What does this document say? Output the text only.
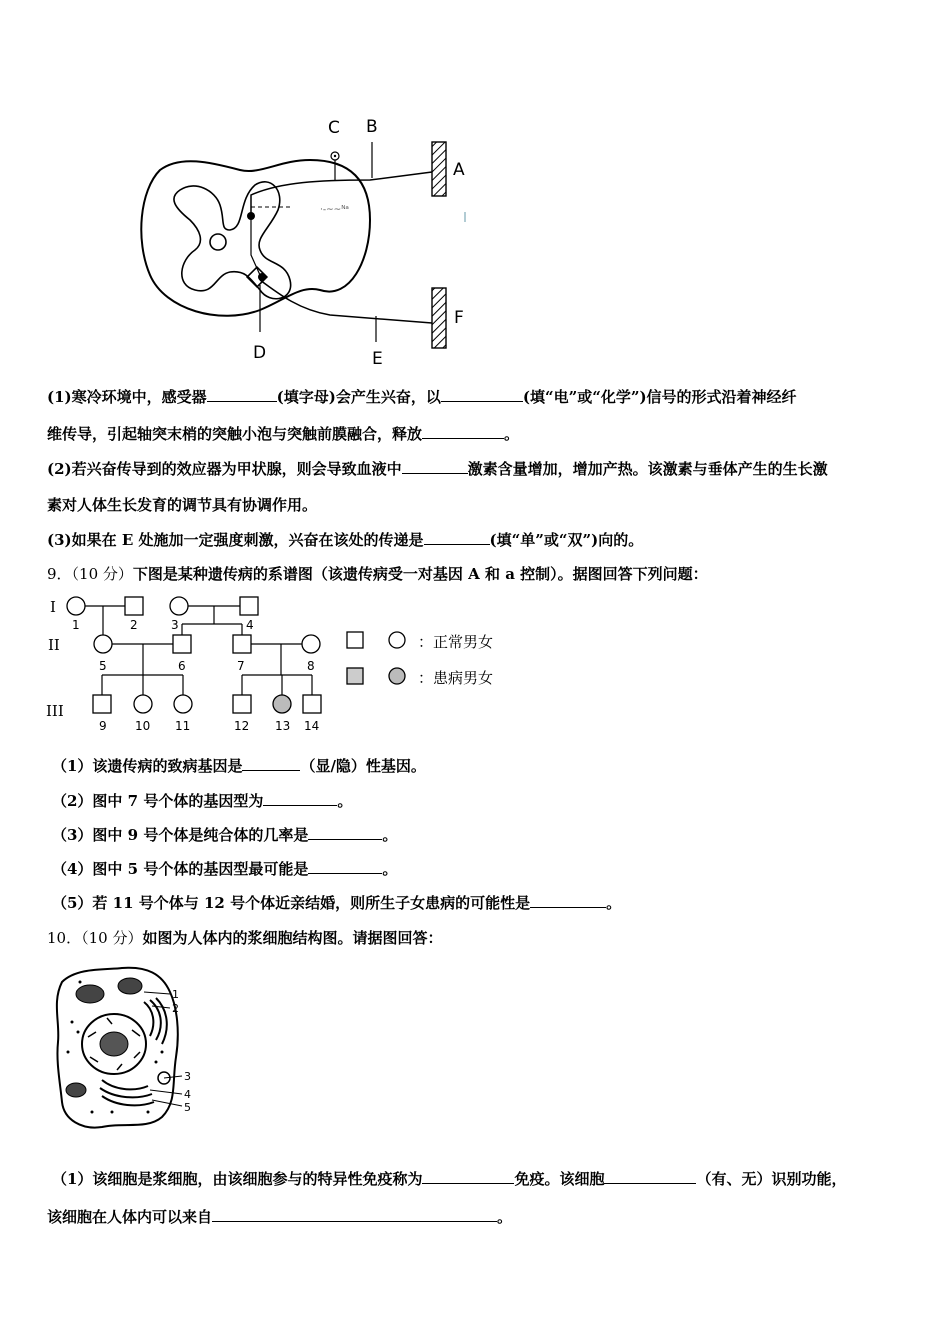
·-~~ᴺᵃ
C B
A
D	E
F
(1)寒冷环境中，感受器	(填字母)会产生兴奋，以	(填“电”或“化学”)信号的形式沿着神经纤
维传导，引起轴突末梢的突触小泡与突触前膜融合，释放	。
(2)若兴奋传导到的效应器为甲状腺，则会导致血液中	激素含量增加，增加产热。该激素与垂体产生的生长激
素对人体生长发育的调节具有协调作用。
(3)如果在 E 处施加一定强度刺激，兴奋在该处的传递是	(填“单”或“双”)向的。
9．（10 分）下图是某种遗传病的系谱图（该遗传病受一对基因 A 和 a 控制）。据图回答下列问题：
I
II
III
1	2	3	4
5	6	7	8
9 10 11	12 13 14
：正常男女
：患病男女
（1）该遗传病的致病基因是	（显/隐）性基因。
（2）图中 7 号个体的基因型为	。
（3）图中 9 号个体是纯合体的几率是	。
（4）图中 5 号个体的基因型最可能是	。
（5）若 11 号个体与 12 号个体近亲结婚，则所生子女患病的可能性是	。
10．（10 分）如图为人体内的浆细胞结构图。请据图回答：
1
2
3
4
5
（1）该细胞是浆细胞，由该细胞参与的特异性免疫称为	免疫。该细胞	（有、无）识别功能，
该细胞在人体内可以来自	。
